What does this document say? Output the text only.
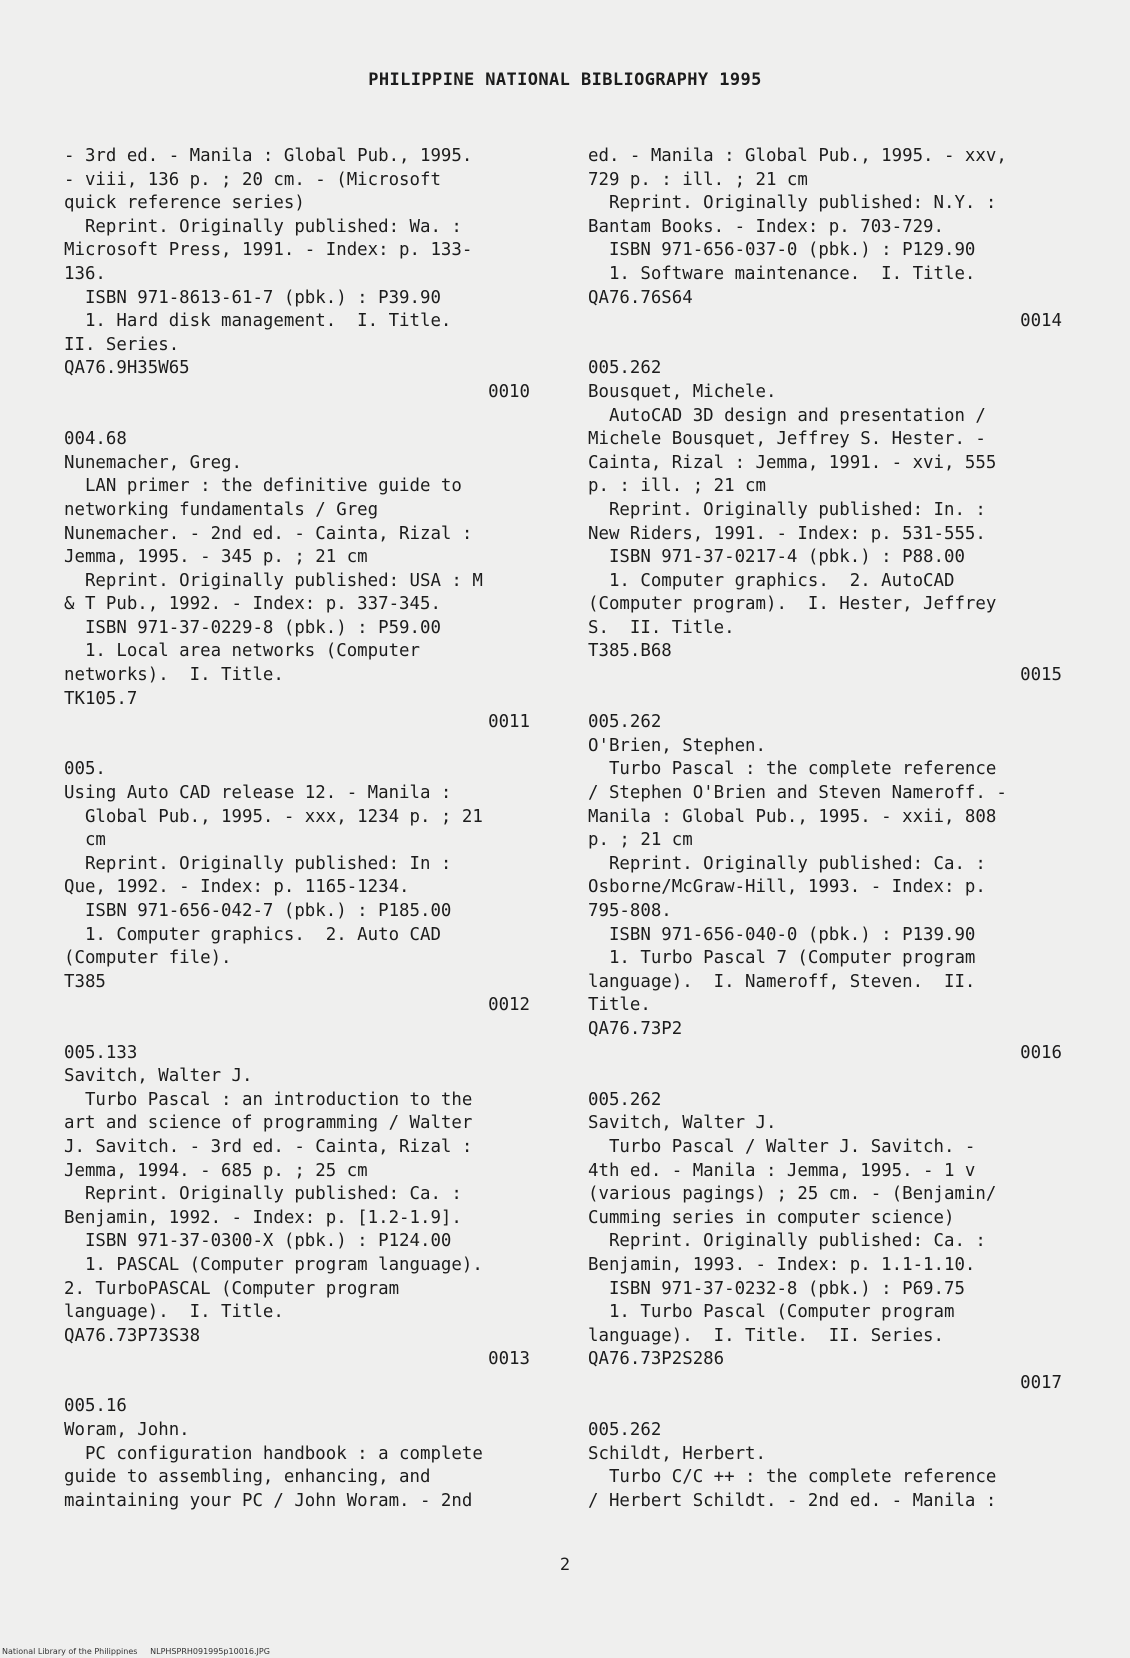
PHILIPPINE NATIONAL BIBLIOGRAPHY 1995
- 3rd ed. - Manila : Global Pub., 1995.
- viii, 136 p. ; 20 cm. - (Microsoft
quick reference series)
Reprint. Originally published: Wa. :
Microsoft Press, 1991. - Index: p. 133-
136.
ISBN 971-8613-61-7 (pbk.) : P39.90
1. Hard disk management.  I. Title.
II. Series.
QA76.9H35W65
0010
004.68
Nunemacher, Greg.
LAN primer : the definitive guide to
networking fundamentals / Greg
Nunemacher. - 2nd ed. - Cainta, Rizal :
Jemma, 1995. - 345 p. ; 21 cm
Reprint. Originally published: USA : M
& T Pub., 1992. - Index: p. 337-345.
ISBN 971-37-0229-8 (pbk.) : P59.00
1. Local area networks (Computer
networks).  I. Title.
TK105.7
0011
005.
Using Auto CAD release 12. - Manila :
Global Pub., 1995. - xxx, 1234 p. ; 21
cm
Reprint. Originally published: In :
Que, 1992. - Index: p. 1165-1234.
ISBN 971-656-042-7 (pbk.) : P185.00
1. Computer graphics.  2. Auto CAD
(Computer file).
T385
0012
005.133
Savitch, Walter J.
Turbo Pascal : an introduction to the
art and science of programming / Walter
J. Savitch. - 3rd ed. - Cainta, Rizal :
Jemma, 1994. - 685 p. ; 25 cm
Reprint. Originally published: Ca. :
Benjamin, 1992. - Index: p. [1.2-1.9].
ISBN 971-37-0300-X (pbk.) : P124.00
1. PASCAL (Computer program language).
2. TurboPASCAL (Computer program
language).  I. Title.
QA76.73P73S38
0013
005.16
Woram, John.
PC configuration handbook : a complete
guide to assembling, enhancing, and
maintaining your PC / John Woram. - 2nd
ed. - Manila : Global Pub., 1995. - xxv,
729 p. : ill. ; 21 cm
Reprint. Originally published: N.Y. :
Bantam Books. - Index: p. 703-729.
ISBN 971-656-037-0 (pbk.) : P129.90
1. Software maintenance.  I. Title.
QA76.76S64
0014
005.262
Bousquet, Michele.
AutoCAD 3D design and presentation /
Michele Bousquet, Jeffrey S. Hester. -
Cainta, Rizal : Jemma, 1991. - xvi, 555
p. : ill. ; 21 cm
Reprint. Originally published: In. :
New Riders, 1991. - Index: p. 531-555.
ISBN 971-37-0217-4 (pbk.) : P88.00
1. Computer graphics.  2. AutoCAD
(Computer program).  I. Hester, Jeffrey
S.  II. Title.
T385.B68
0015
005.262
O'Brien, Stephen.
Turbo Pascal : the complete reference
/ Stephen O'Brien and Steven Nameroff. -
Manila : Global Pub., 1995. - xxii, 808
p. ; 21 cm
Reprint. Originally published: Ca. :
Osborne/McGraw-Hill, 1993. - Index: p.
795-808.
ISBN 971-656-040-0 (pbk.) : P139.90
1. Turbo Pascal 7 (Computer program
language).  I. Nameroff, Steven.  II.
Title.
QA76.73P2
0016
005.262
Savitch, Walter J.
Turbo Pascal / Walter J. Savitch. -
4th ed. - Manila : Jemma, 1995. - 1 v
(various pagings) ; 25 cm. - (Benjamin/
Cumming series in computer science)
Reprint. Originally published: Ca. :
Benjamin, 1993. - Index: p. 1.1-1.10.
ISBN 971-37-0232-8 (pbk.) : P69.75
1. Turbo Pascal (Computer program
language).  I. Title.  II. Series.
QA76.73P2S286
0017
005.262
Schildt, Herbert.
Turbo C/C ++ : the complete reference
/ Herbert Schildt. - 2nd ed. - Manila :
2
National Library of the Philippines     NLPHSPRH091995p10016.JPG
